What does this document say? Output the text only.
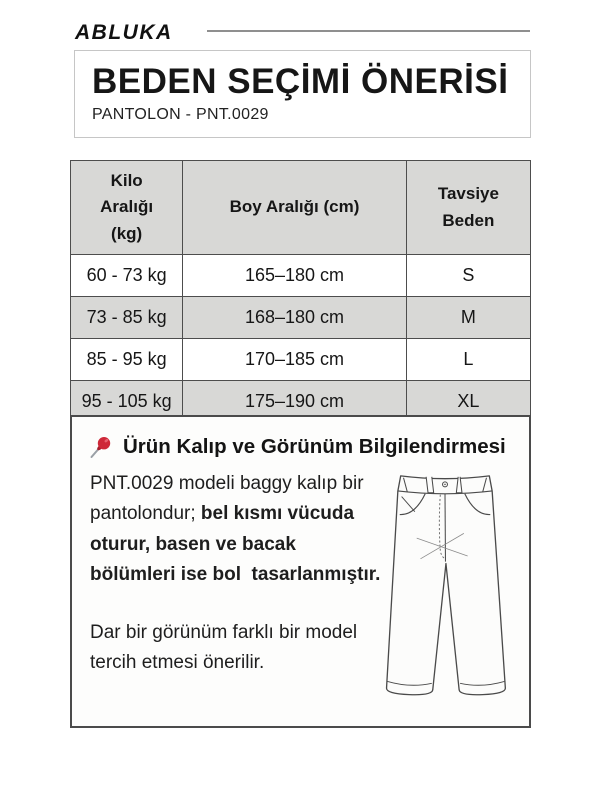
ABLUKA
BEDEN SEÇİMİ ÖNERİSİ
PANTOLON - PNT.0029
Kilo Aralığı (kg)	Boy Aralığı (cm)	Tavsiye Beden
60 - 73 kg	165–180 cm	S
73 - 85 kg	168–180 cm	M
85 - 95 kg	170–185 cm	L
95 - 105 kg	175–190 cm	XL
Ürün Kalıp ve Görünüm Bilgilendirmesi

PNT.0029 modeli baggy kalıp bir pantolondur; bel kısmı vücuda oturur, basen ve bacak bölümleri ise bol  tasarlanmıştır.

Dar bir görünüm farklı bir model tercih etmesi önerilir.
